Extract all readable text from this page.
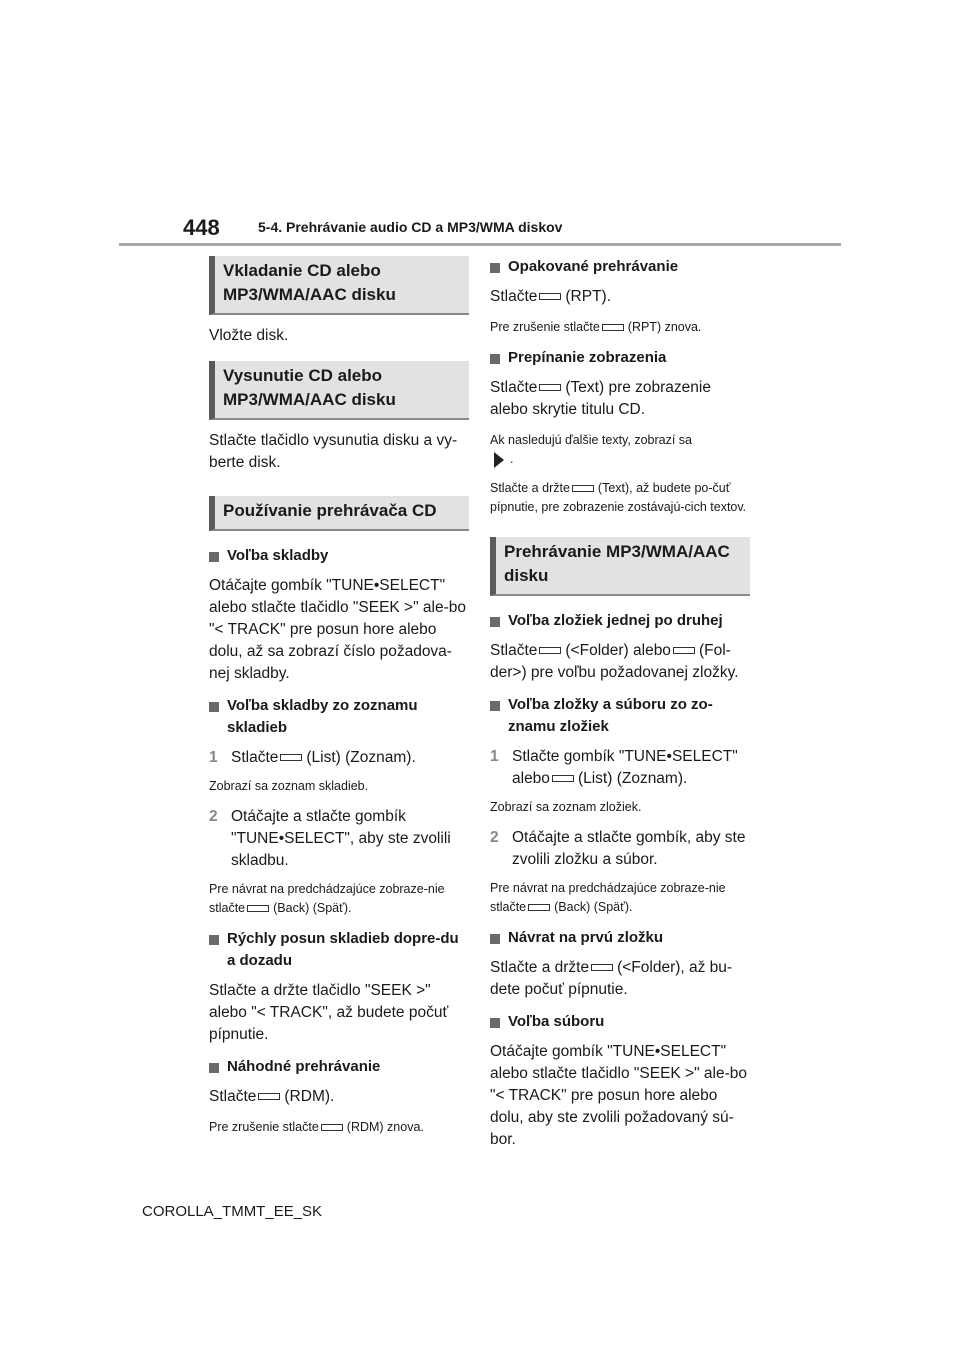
448	5-4. Prehrávanie audio CD a MP3/WMA diskov
Vkladanie CD alebo MP3/WMA/AAC disku

Vložte disk.

Vysunutie CD alebo MP3/WMA/AAC disku

Stlačte tlačidlo vysunutia disku a vy-berte disk.

Používanie prehrávača CD
Voľba skladby

Otáčajte gombík "TUNE•SELECT" alebo stlačte tlačidlo "SEEK >" ale-bo "< TRACK" pre posun hore alebo dolu, až sa zobrazí číslo požadova-nej skladby.

Voľba skladby zo zoznamu skladieb
1 Stlačte (List) (Zoznam).

Zobrazí sa zoznam skladieb.

2 Otáčajte a stlačte gombík "TUNE•SELECT", aby ste zvolili skladbu.

Pre návrat na predchádzajúce zobraze-nie stlačte (Back) (Späť).

Rýchly posun skladieb dopre-du a dozadu

Stlačte a držte tlačidlo "SEEK >" alebo "< TRACK", až budete počuť pípnutie.

Náhodné prehrávanie

Stlačte (RDM).

Pre zrušenie stlačte (RDM) znova.

Opakované prehrávanie

Stlačte (RPT).

Pre zrušenie stlačte (RPT) znova.

Prepínanie zobrazenia

Stlačte (Text) pre zobrazenie alebo skrytie titulu CD.

Ak nasledujú ďalšie texty, zobrazí sa
.

Stlačte a držte (Text), až budete po-čuť pípnutie, pre zobrazenie zostávajú-cich textov.

Prehrávanie MP3/WMA/AAC disku
Voľba zložiek jednej po druhej

Stlačte (<Folder) alebo (Fol-der>) pre voľbu požadovanej zložky.

Voľba zložky a súboru zo zo-znamu zložiek
1 Stlačte gombík "TUNE•SELECT"
alebo (List) (Zoznam).

Zobrazí sa zoznam zložiek.

2 Otáčajte a stlačte gombík, aby ste zvolili zložku a súbor.

Pre návrat na predchádzajúce zobraze-nie stlačte (Back) (Späť).

Návrat na prvú zložku

Stlačte a držte (<Folder), až bu-dete počuť pípnutie.

Voľba súboru

Otáčajte gombík "TUNE•SELECT" alebo stlačte tlačidlo "SEEK >" ale-bo "< TRACK" pre posun hore alebo dolu, aby ste zvolili požadovaný sú-bor.

COROLLA_TMMT_EE_SK
